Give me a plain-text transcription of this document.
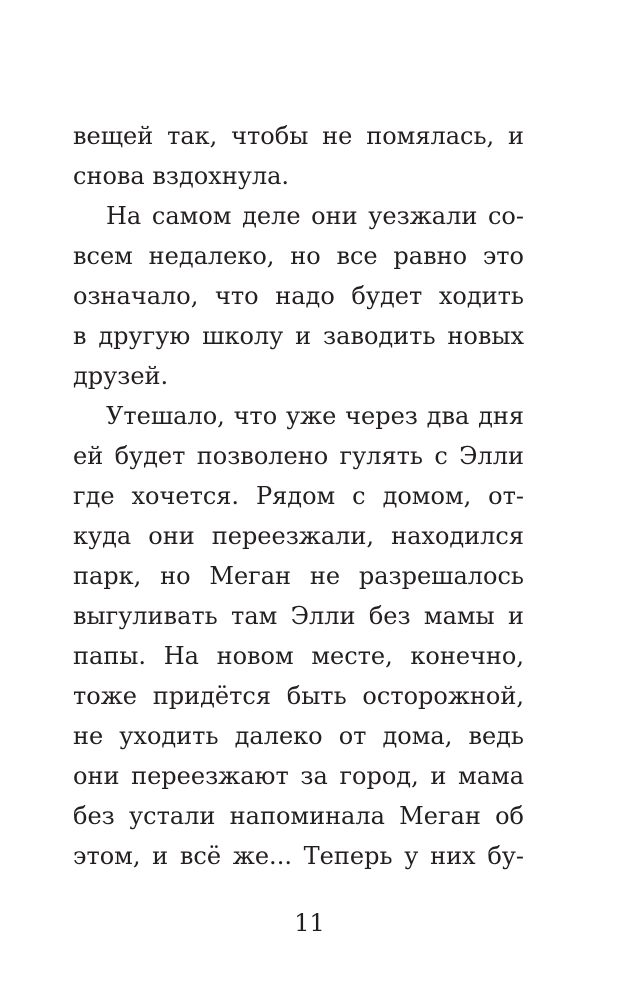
вещей так, чтобы не помялась, и
снова вздохнула.
На самом деле они уезжали со-
всем недалеко, но все равно это
означало, что надо будет ходить
в другую школу и заводить новых
друзей.
Утешало, что уже через два дня
ей будет позволено гулять с Элли
где хочется. Рядом с домом, от-
куда они переезжали, находился
парк, но Меган не разрешалось
выгуливать там Элли без мамы и
папы. На новом месте, конечно,
тоже придётся быть осторожной,
не уходить далеко от дома, ведь
они переезжают за город, и мама
без устали напоминала Меган об
этом, и всё же... Теперь у них бу-
11
